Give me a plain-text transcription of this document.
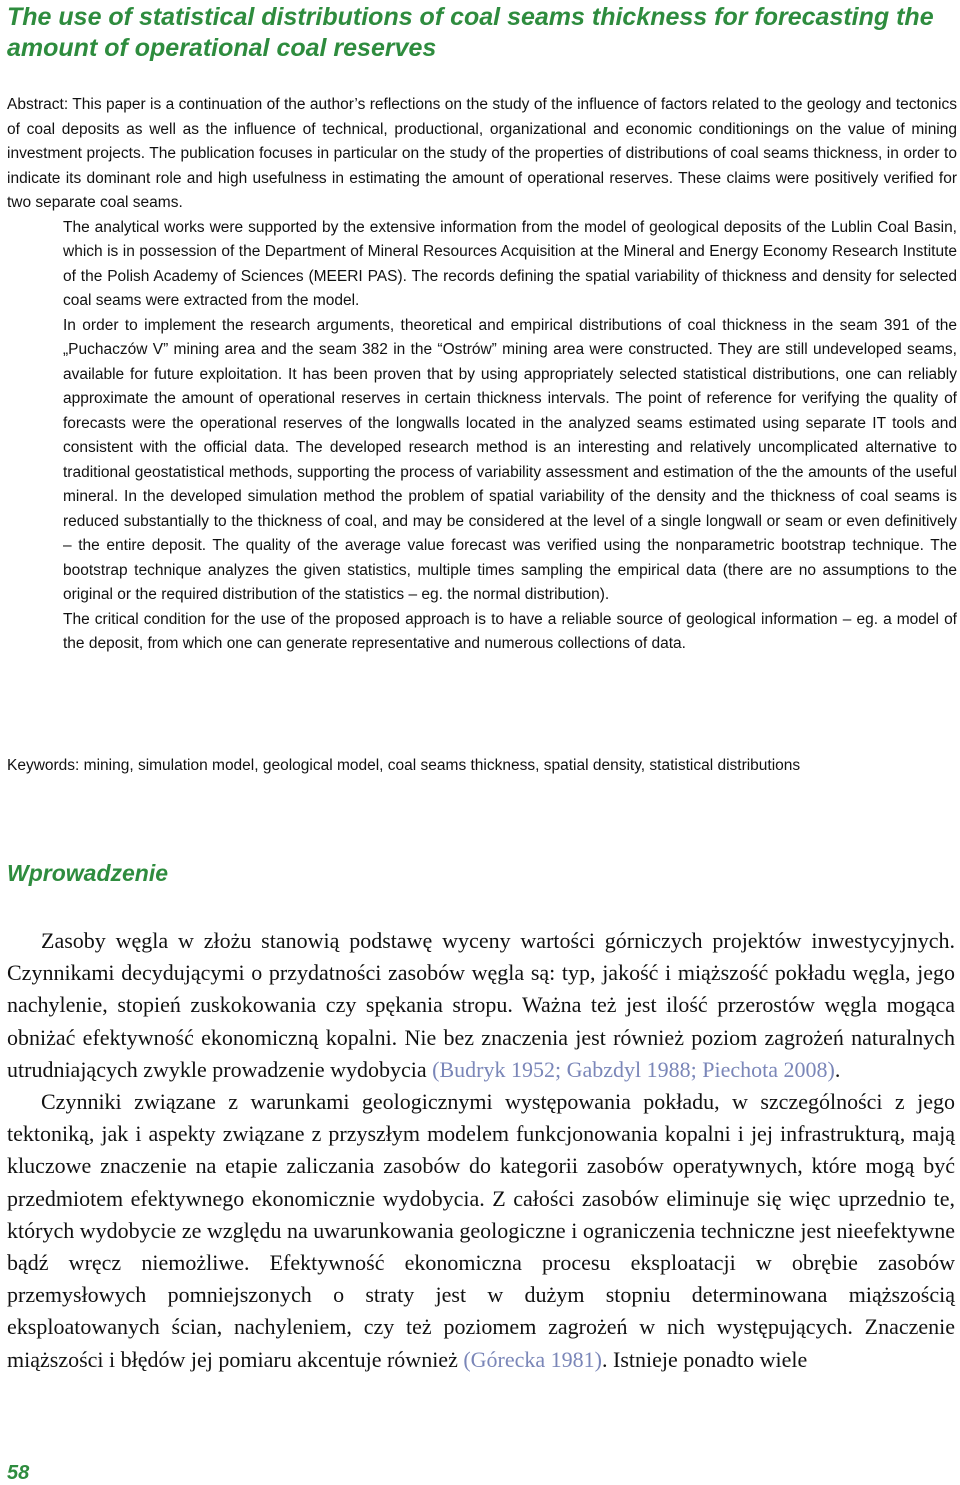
The use of statistical distributions of coal seams thickness for forecasting the amount of operational coal reserves
Abstract: This paper is a continuation of the author’s reflections on the study of the influence of factors related to the geology and tectonics of coal deposits as well as the influence of technical, productional, organizational and economic conditionings on the value of mining investment projects. The publication focuses in particular on the study of the properties of distributions of coal seams thickness, in order to indicate its dominant role and high usefulness in estimating the amount of operational reserves. These claims were positively verified for two separate coal seams.
The analytical works were supported by the extensive information from the model of geological deposits of the Lublin Coal Basin, which is in possession of the Department of Mineral Resources Acquisition at the Mineral and Energy Economy Research Institute of the Polish Academy of Sciences (MEERI PAS). The records defining the spatial variability of thickness and density for selected coal seams were extracted from the model.
In order to implement the research arguments, theoretical and empirical distributions of coal thickness in the seam 391 of the „Puchaczów V” mining area and the seam 382 in the “Ostrów” mining area were constructed. They are still undeveloped seams, available for future exploitation. It has been proven that by using appropriately selected statistical distributions, one can reliably approximate the amount of operational reserves in certain thickness intervals. The point of reference for verifying the quality of forecasts were the operational reserves of the longwalls located in the analyzed seams estimated using separate IT tools and consistent with the official data. The developed research method is an interesting and relatively uncomplicated alternative to traditional geostatistical methods, supporting the process of variability assessment and estimation of the the amounts of the useful mineral. In the developed simulation method the problem of spatial variability of the density and the thickness of coal seams is reduced substantially to the thickness of coal, and may be considered at the level of a single longwall or seam or even definitively – the entire deposit. The quality of the average value forecast was verified using the nonparametric bootstrap technique. The bootstrap technique analyzes the given statistics, multiple times sampling the empirical data (there are no assumptions to the original or the required distribution of the statistics – eg. the normal distribution).
The critical condition for the use of the proposed approach is to have a reliable source of geological information – eg. a model of the deposit, from which one can generate representative and numerous collections of data.
Keywords: mining, simulation model, geological model, coal seams thickness, spatial density, statistical distributions
Wprowadzenie

Zasoby węgla w złożu stanowią podstawę wyceny wartości górniczych projektów inwestycyjnych. Czynnikami decydującymi o przydatności zasobów węgla są: typ, jakość i miąższość pokładu węgla, jego nachylenie, stopień zuskokowania czy spękania stropu. Ważna też jest ilość przerostów węgla mogąca obniżać efektywność ekonomiczną kopalni. Nie bez znaczenia jest również poziom zagrożeń naturalnych utrudniających zwykle prowadzenie wydobycia (Budryk 1952; Gabzdyl 1988; Piechota 2008).

Czynniki związane z warunkami geologicznymi występowania pokładu, w szczególności z jego tektoniką, jak i aspekty związane z przyszłym modelem funkcjonowania kopalni i jej infrastrukturą, mają kluczowe znaczenie na etapie zaliczania zasobów do kategorii zasobów operatywnych, które mogą być przedmiotem efektywnego ekonomicznie wydobycia. Z całości zasobów eliminuje się więc uprzednio te, których wydobycie ze względu na uwarunkowania geologiczne i ograniczenia techniczne jest nieefektywne bądź wręcz niemożliwe. Efektywność ekonomiczna procesu eksploatacji w obrębie zasobów przemysłowych pomniejszonych o straty jest w dużym stopniu determinowana miąższością eksploatowanych ścian, nachyleniem, czy też poziomem zagrożeń w nich występujących. Znaczenie miąższości i błędów jej pomiaru akcentuje również (Górecka 1981). Istnieje ponadto wiele

58
